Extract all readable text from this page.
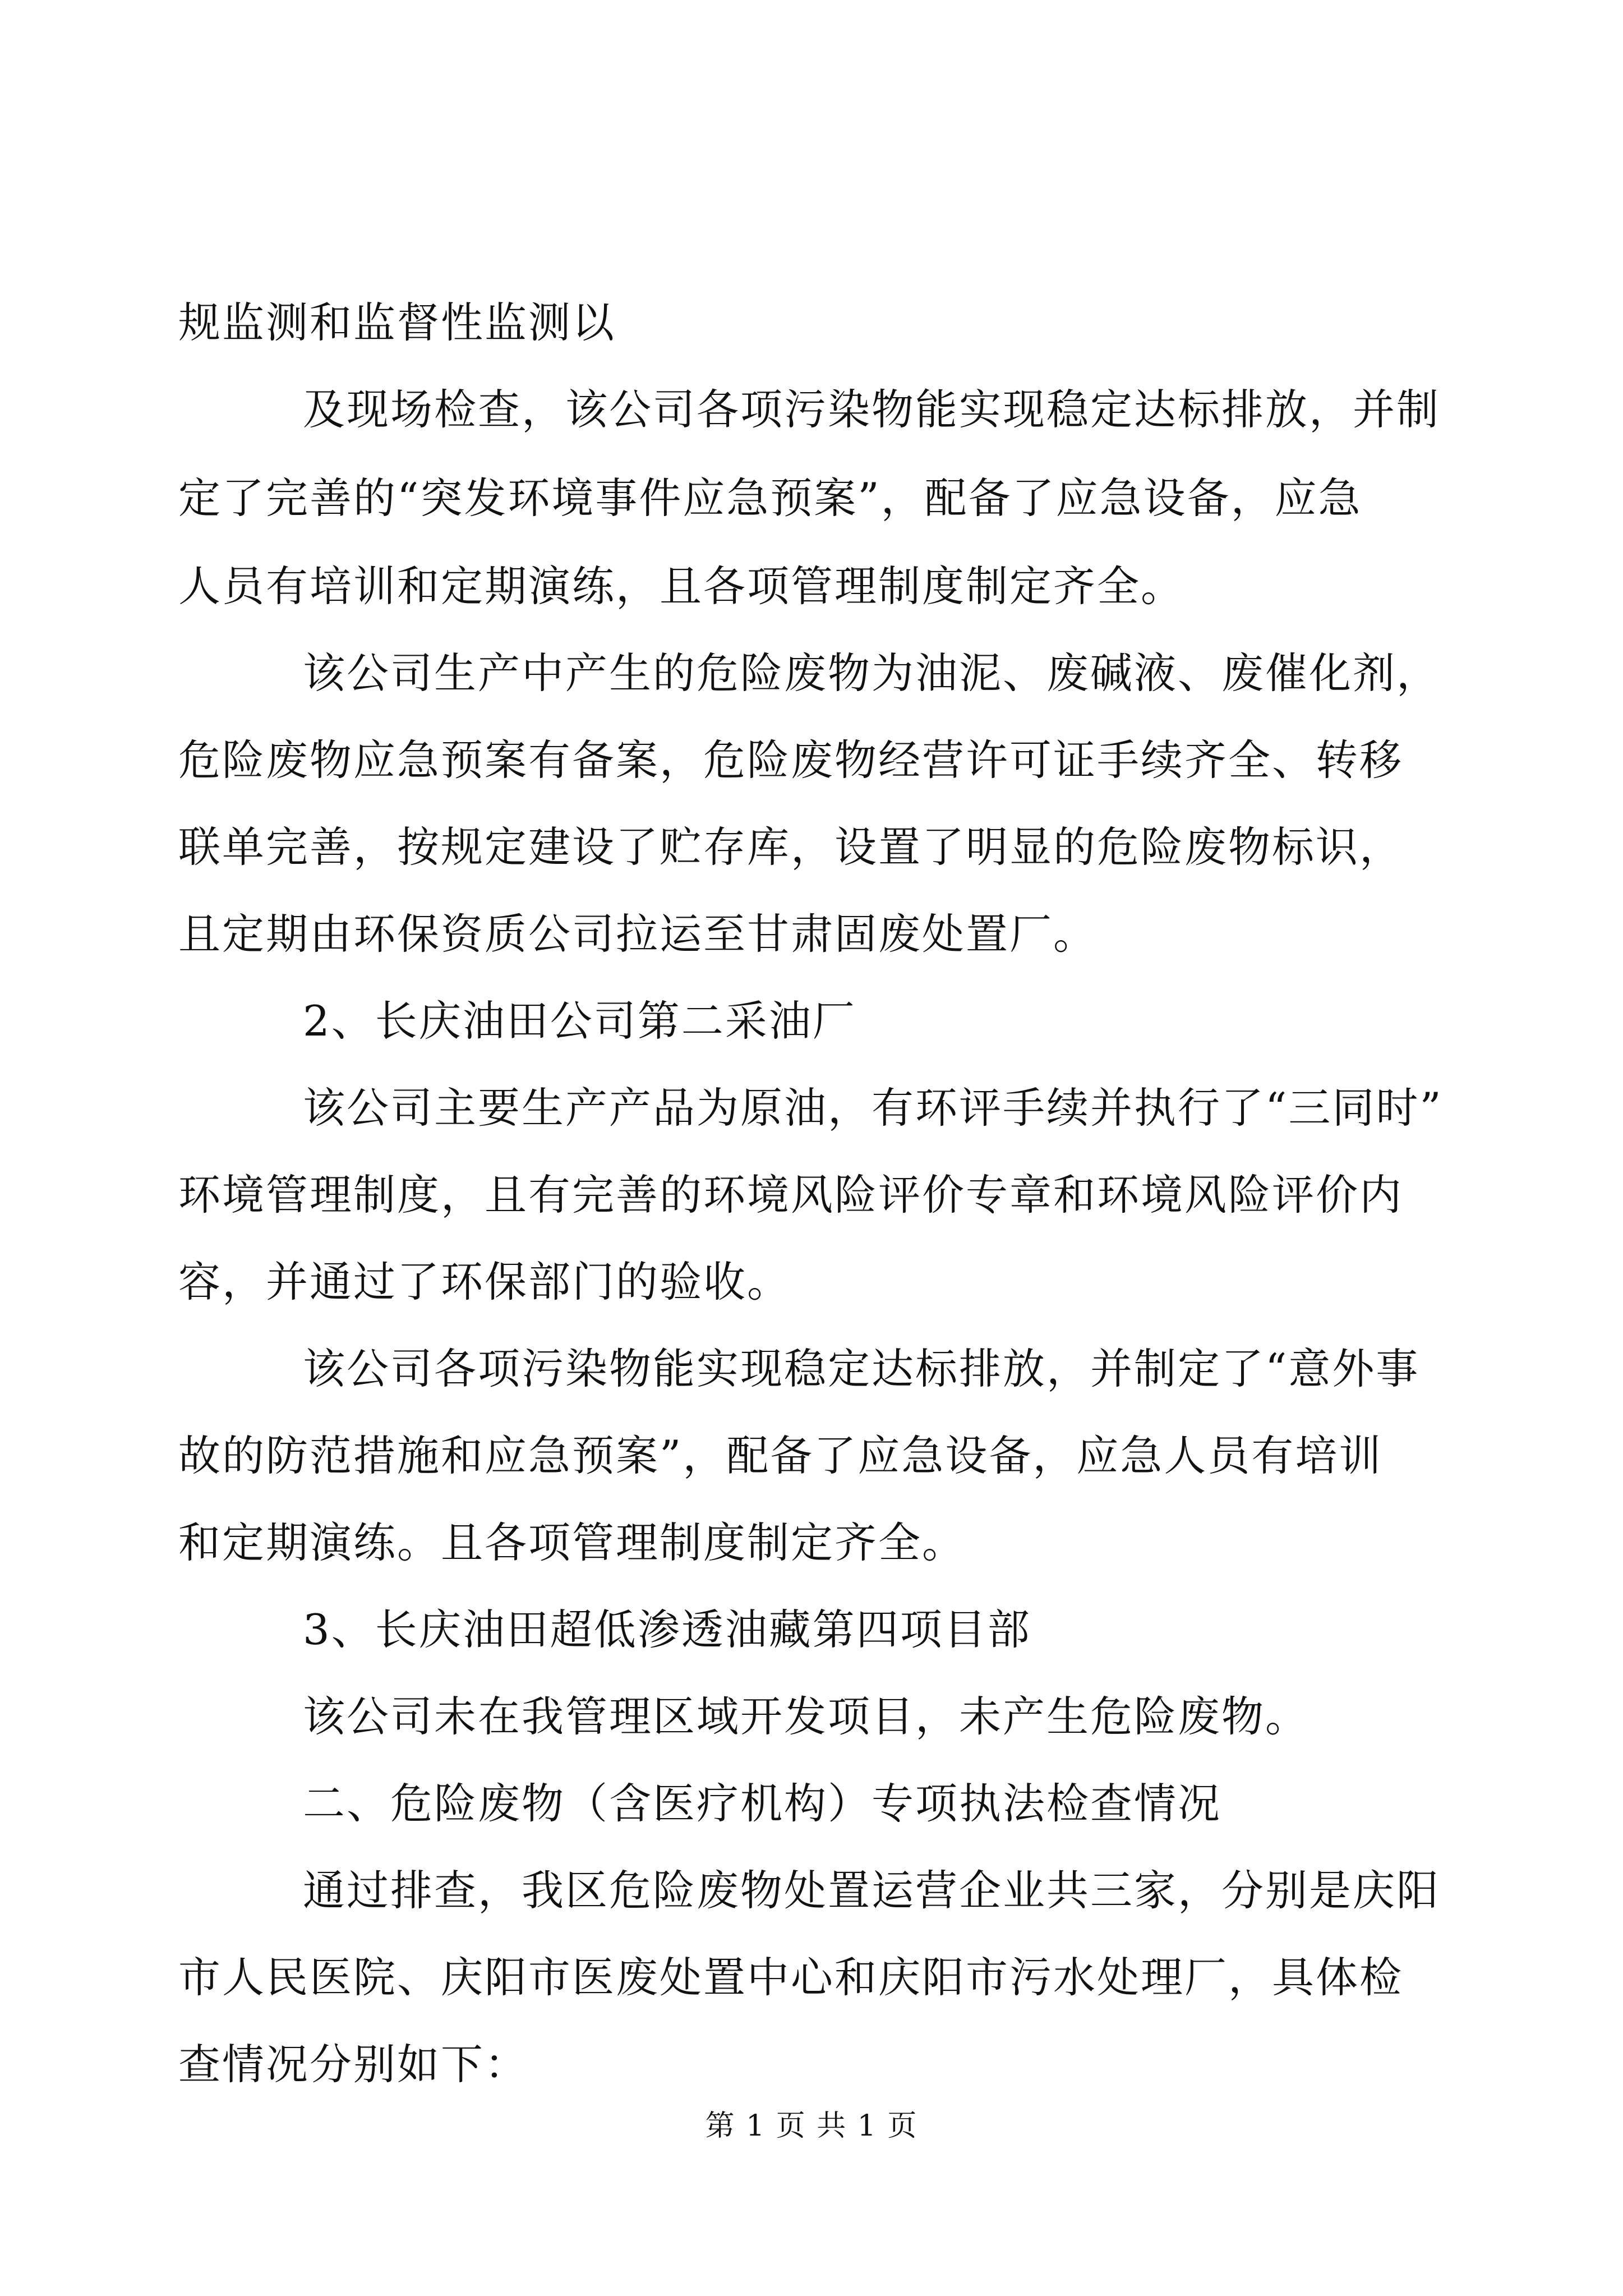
规监测和监督性监测以
及现场检查，该公司各项污染物能实现稳定达标排放，并制
定了完善的“突发环境事件应急预案”，配备了应急设备，应急
人员有培训和定期演练，且各项管理制度制定齐全。
该公司生产中产生的危险废物为油泥、废碱液、废催化剂，
危险废物应急预案有备案，危险废物经营许可证手续齐全、转移
联单完善，按规定建设了贮存库，设置了明显的危险废物标识，
且定期由环保资质公司拉运至甘肃固废处置厂。
2、长庆油田公司第二采油厂
该公司主要生产产品为原油，有环评手续并执行了“三同时”
环境管理制度，且有完善的环境风险评价专章和环境风险评价内
容，并通过了环保部门的验收。
该公司各项污染物能实现稳定达标排放，并制定了“意外事
故的防范措施和应急预案”，配备了应急设备，应急人员有培训
和定期演练。且各项管理制度制定齐全。
3、长庆油田超低渗透油藏第四项目部
该公司未在我管理区域开发项目，未产生危险废物。
二、危险废物（含医疗机构）专项执法检查情况
通过排查，我区危险废物处置运营企业共三家，分别是庆阳
市人民医院、庆阳市医废处置中心和庆阳市污水处理厂，具体检
查情况分别如下：
第 1 页 共 1 页
